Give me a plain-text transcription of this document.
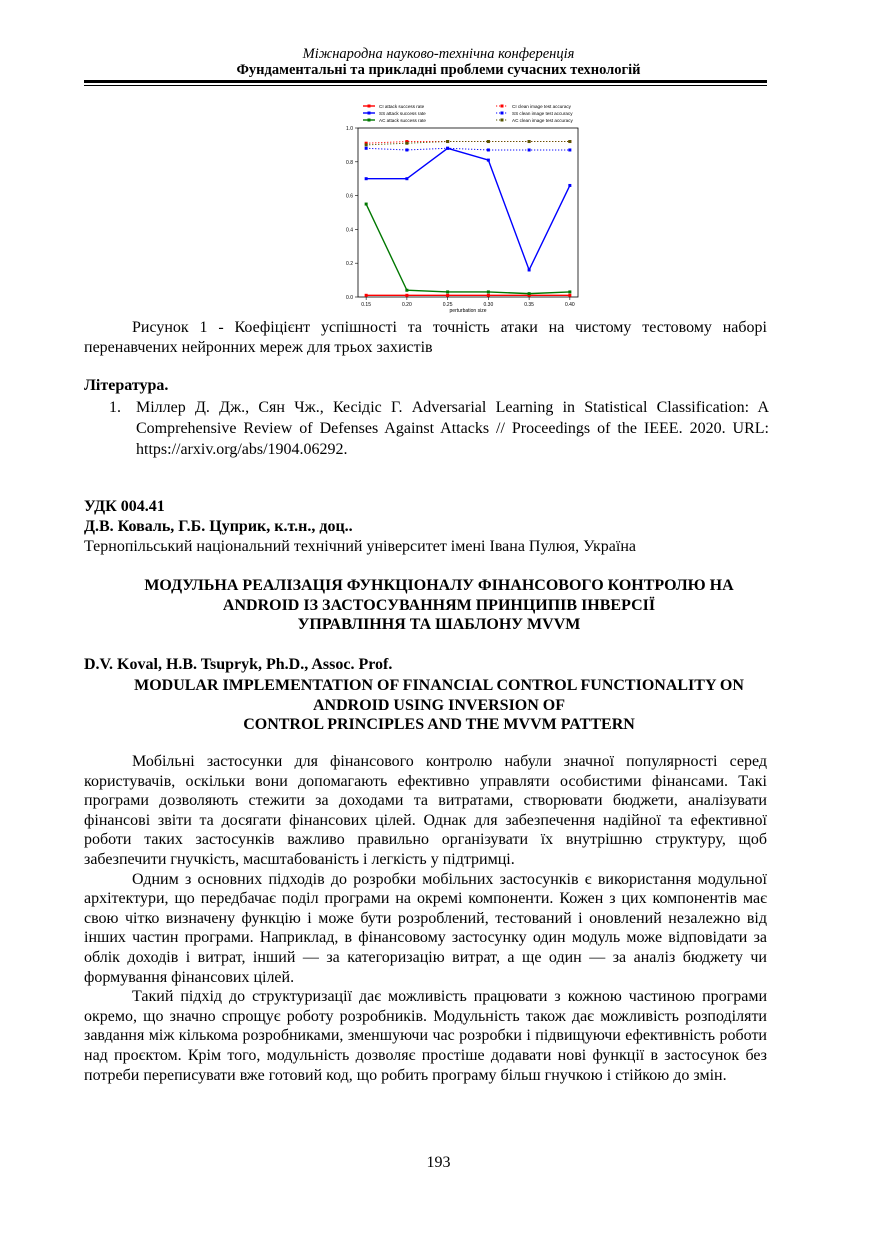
Міжнародна науково-технічна конференція
Фундаментальні та прикладні проблеми сучасних технологій
0.0
0.2
0.4
0.6
0.8
1.0
0.15	0.20	0.25	0.30	0.35	0.40
perturbation size
CI attack success rate	CI clean image test accuracy
SS attack success rate	SS clean image test accuracy
AC attack success rate	AC clean image test accuracy
Рисунок 1 - Коефіцієнт успішності та точність атаки на чистому тестовому наборі перенавчених нейронних мереж для трьох захистів
Література.
1. Міллер Д. Дж., Сян Чж., Кесідіс Г. Adversarial Learning in Statistical Classification: A Comprehensive Review of Defenses Against Attacks // Proceedings of the IEEE. 2020. URL: https://arxiv.org/abs/1904.06292.
УДК 004.41
Д.В. Коваль, Г.Б. Цуприк, к.т.н., доц..
Тернопільський національний технічний університет імені Івана Пулюя, Україна
МОДУЛЬНА РЕАЛІЗАЦІЯ ФУНКЦІОНАЛУ ФІНАНСОВОГО КОНТРОЛЮ НА
ANDROID ІЗ ЗАСТОСУВАННЯМ ПРИНЦИПІВ ІНВЕРСІЇ
УПРАВЛІННЯ ТА ШАБЛОНУ MVVM
D.V. Koval, H.B. Tsupryk, Ph.D., Assoc. Prof.
MODULAR IMPLEMENTATION OF FINANCIAL CONTROL FUNCTIONALITY ON
ANDROID USING INVERSION OF
CONTROL PRINCIPLES AND THE MVVM PATTERN

Мобільні застосунки для фінансового контролю набули значної популярності серед користувачів, оскільки вони допомагають ефективно управляти особистими фінансами. Такі програми дозволяють стежити за доходами та витратами, створювати бюджети, аналізувати фінансові звіти та досягати фінансових цілей. Однак для забезпечення надійної та ефективної роботи таких застосунків важливо правильно організувати їх внутрішню структуру, щоб забезпечити гнучкість, масштабованість і легкість у підтримці.

Одним з основних підходів до розробки мобільних застосунків є використання модульної архітектури, що передбачає поділ програми на окремі компоненти. Кожен з цих компонентів має свою чітко визначену функцію і може бути розроблений, тестований і оновлений незалежно від інших частин програми. Наприклад, в фінансовому застосунку один модуль може відповідати за облік доходів і витрат, інший — за категоризацію витрат, а ще один — за аналіз бюджету чи формування фінансових цілей.

Такий підхід до структуризації дає можливість працювати з кожною частиною програми окремо, що значно спрощує роботу розробників. Модульність також дає можливість розподіляти завдання між кількома розробниками, зменшуючи час розробки і підвищуючи ефективність роботи над проєктом. Крім того, модульність дозволяє простіше додавати нові функції в застосунок без потреби переписувати вже готовий код, що робить програму більш гнучкою і стійкою до змін.

193
